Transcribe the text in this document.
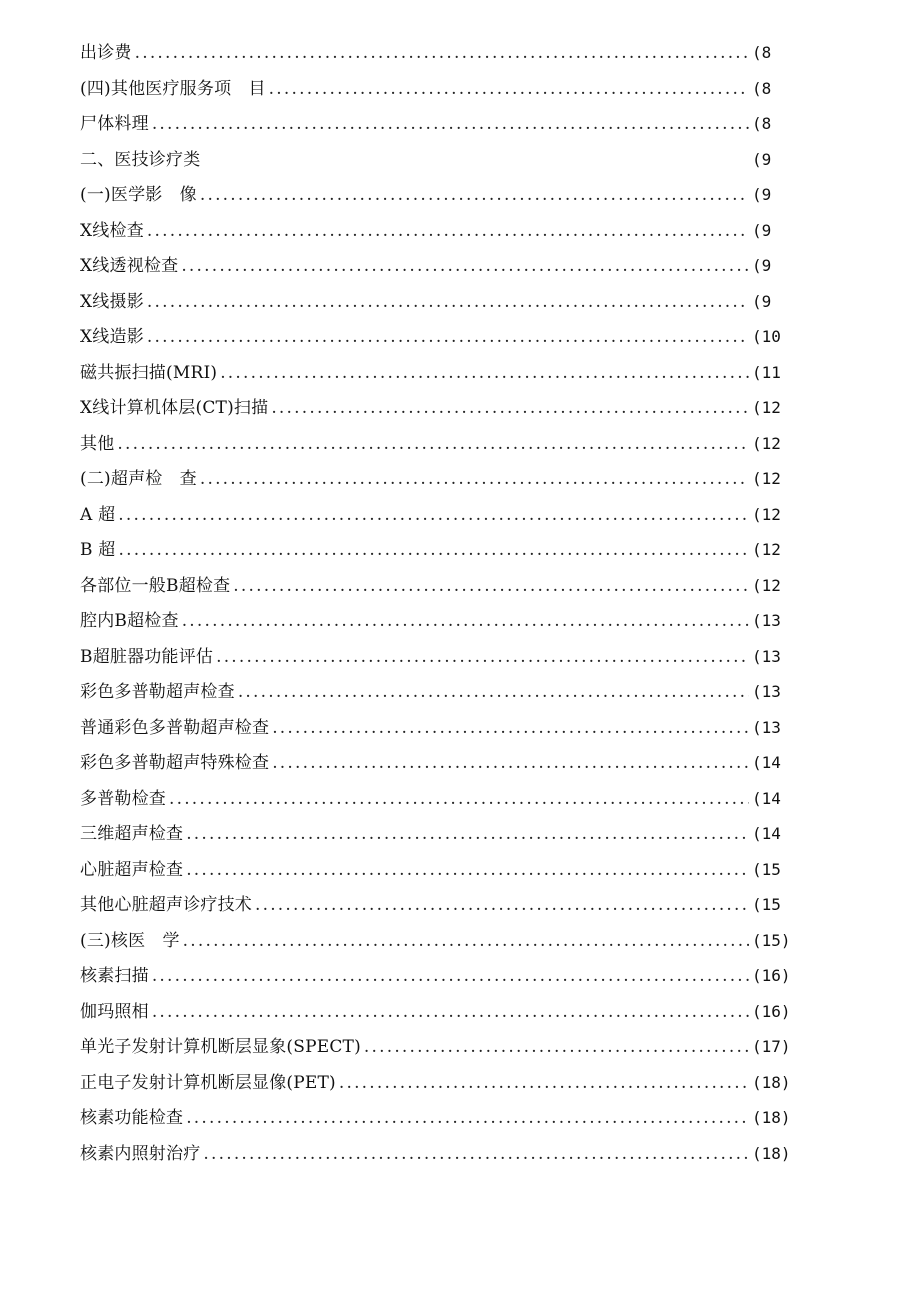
出诊费 .....	(8
(四)其他医疗服务项　目 .....	(8
尸体料理 .....	(8
二、医技诊疗类	(9
(一)医学影　像 .....	(9
X线检查 .....	(9
X线透视检查 .....	(9
X线摄影 .....	(9
X线造影 .....	(10
磁共振扫描(MRI) .....	(11
X线计算机体层(CT)扫描 .....	(12
其他 .....	(12
(二)超声检　查 .....	(12
A 超 .....	(12
B 超 .....	(12
各部位一般B超检查 .....	(12
腔内B超检查 .....	(13
B超脏器功能评估 .....	(13
彩色多普勒超声检查 .....	(13
普通彩色多普勒超声检查 .....	(13
彩色多普勒超声特殊检查 .....	(14
多普勒检查 .....	(14
三维超声检查 .....	(14
心脏超声检查 .....	(15
其他心脏超声诊疗技术 .....	(15
(三)核医　学 .....	(15)
核素扫描 .....	(16)
伽玛照相 .....	(16)
单光子发射计算机断层显象(SPECT) .....	(17)
正电子发射计算机断层显像(PET) .....	(18)
核素功能检查 .....	(18)
核素内照射治疗 .....	(18)
